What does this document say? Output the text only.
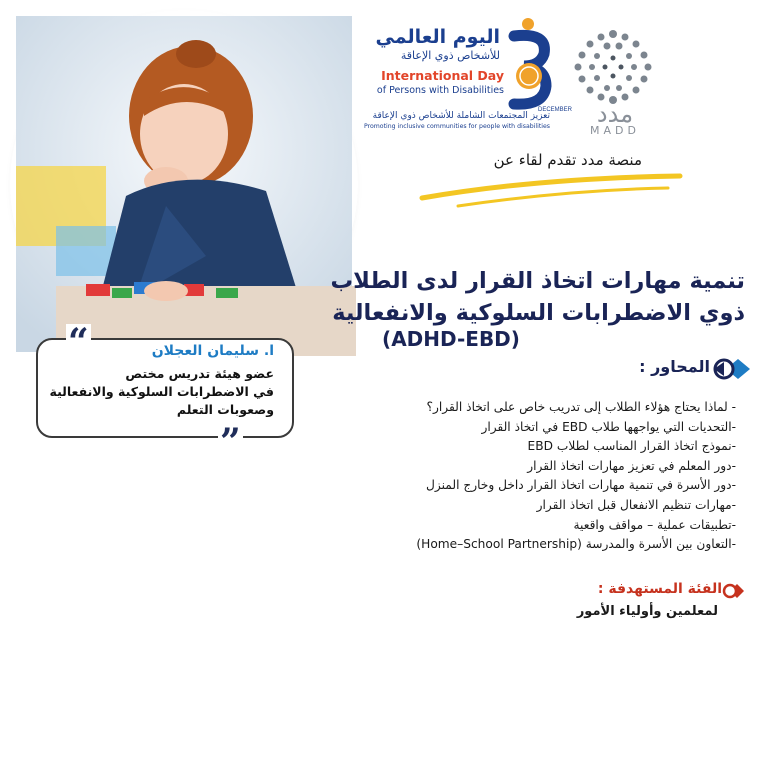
اليوم العالمي
للأشخاص ذوي الإعاقة
International Day
of Persons with Disabilities
تعزيز المجتمعات الشاملة للأشخاص ذوي الإعاقة
Promoting inclusive communities for people with disabilities
DECEMBER	مدد
MADD
منصة مدد تقدم لقاء عن
تنمية مهارات اتخاذ القرار لدى الطلاب
ذوي الاضطرابات السلوكية والانفعالية
(ADHD-EBD)
“
”
ا. سليمان العجلان
عضو هيئة تدريس مختص
في الاضطرابات السلوكية والانفعالية
وصعوبات التعلم
المحاور :
- لماذا يحتاج هؤلاء الطلاب إلى تدريب خاص على اتخاذ القرار؟
-التحديات التي يواجهها طلاب EBD في اتخاذ القرار
-نموذج اتخاذ القرار المناسب لطلاب EBD
-دور المعلم في تعزيز مهارات اتخاذ القرار
-دور الأسرة في تنمية مهارات اتخاذ القرار داخل وخارج المنزل
-مهارات تنظيم الانفعال قبل اتخاذ القرار
-تطبيقات عملية – مواقف واقعية
-التعاون بين الأسرة والمدرسة (Home–School Partnership)
الفئة المستهدفة :
لمعلمين وأولياء الأمور
